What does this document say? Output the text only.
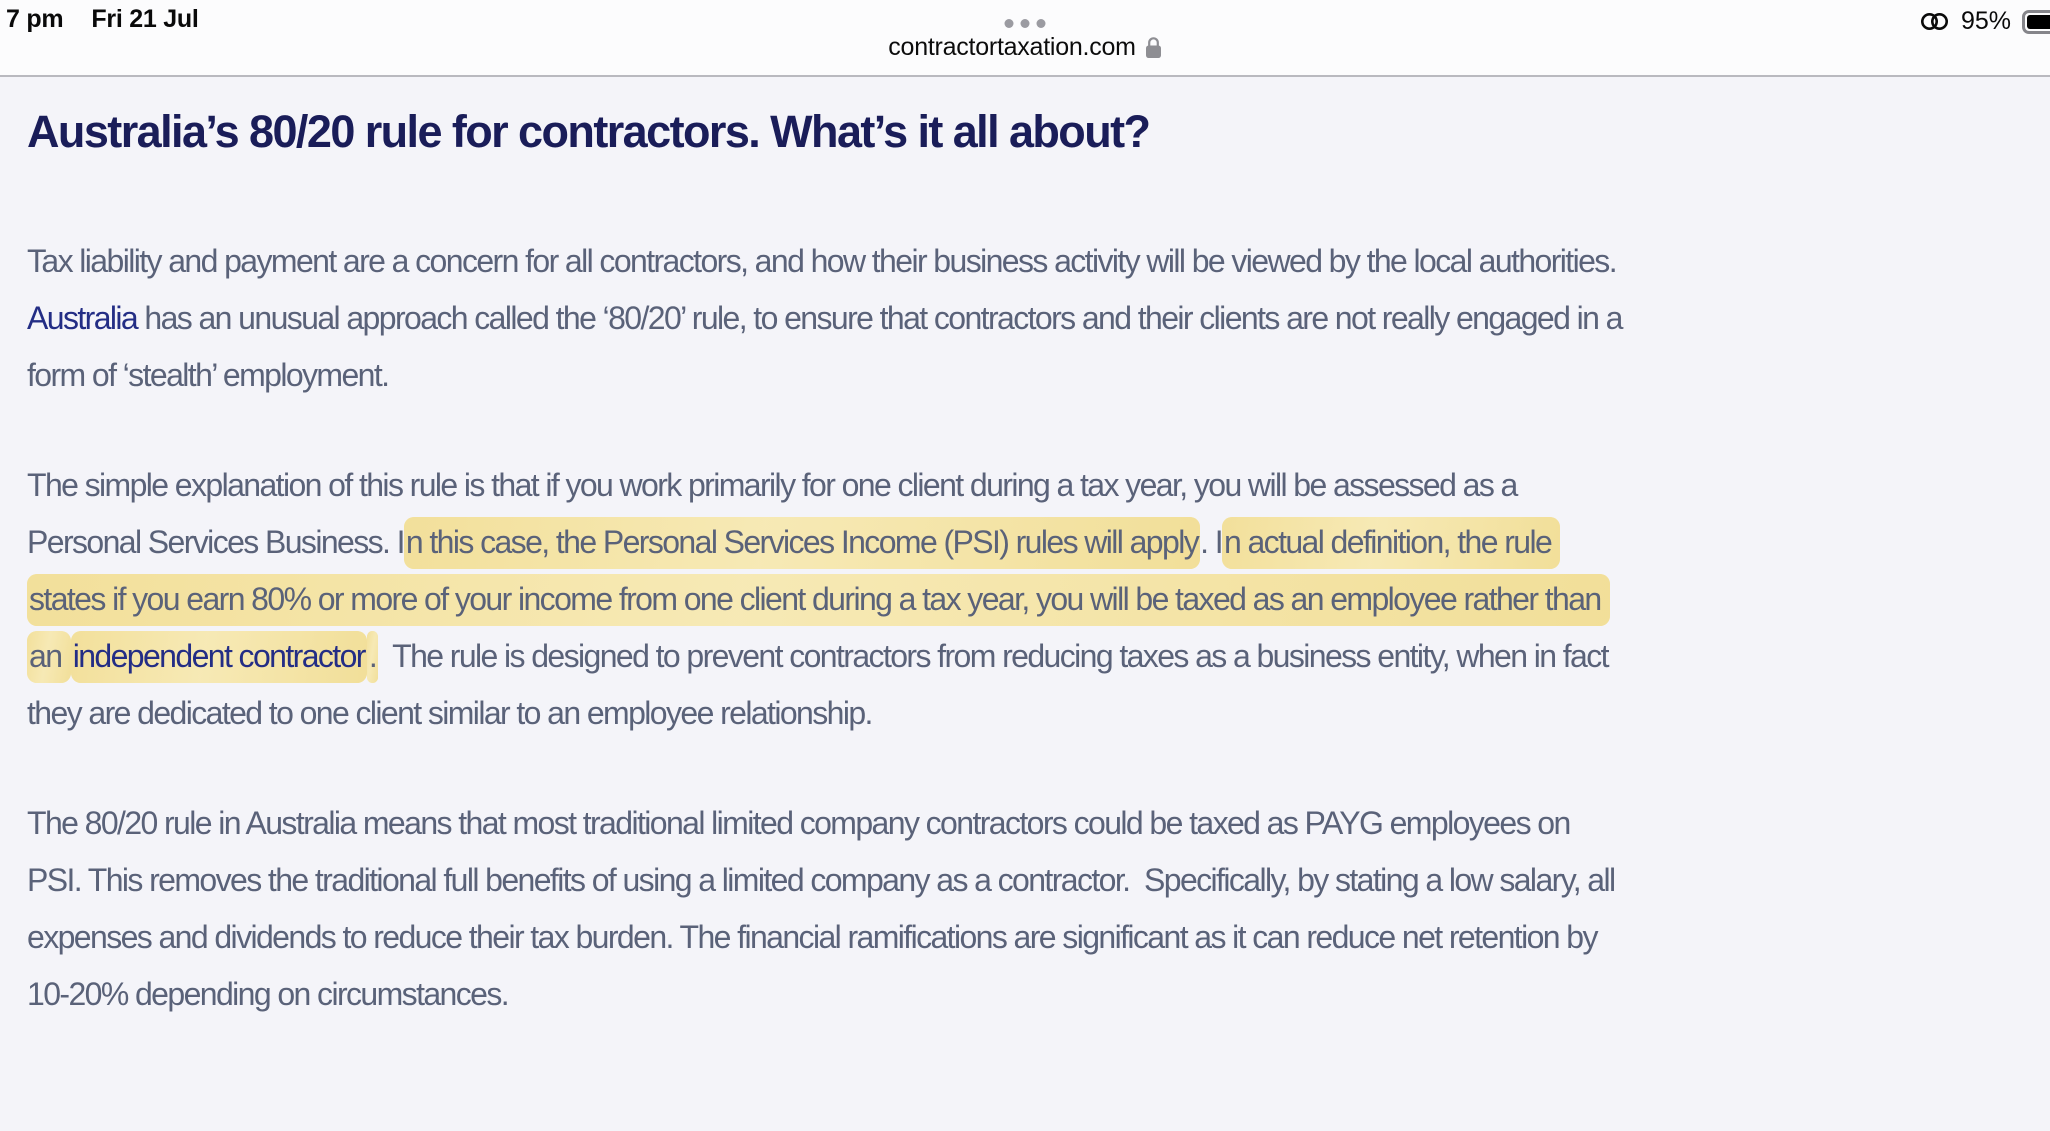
7 pm Fri 21 Jul
contractortaxation.com
95%
Australia’s 80/20 rule for contractors. What’s it all about?

Tax liability and payment are a concern for all contractors, and how their business activity will be viewed by the local authorities.  Australia has an unusual approach called the ‘80/20’ rule, to ensure that contractors and their clients are not really engaged in a form of ‘stealth’ employment.

The simple explanation of this rule is that if you work primarily for one client during a tax year, you will be assessed as a Personal Services Business. In this case, the Personal Services Income (PSI) rules will apply. In actual definition, the rule states if you earn 80% or more of your income from one client during a tax year, you will be taxed as an employee rather than an independent contractor .  The rule is designed to prevent contractors from reducing taxes as a business entity, when in fact they are dedicated to one client similar to an employee relationship.

The 80/20 rule in Australia means that most traditional limited company contractors could be taxed as PAYG employees on PSI. This removes the traditional full benefits of using a limited company as a contractor.  Specifically, by stating a low salary, all expenses and dividends to reduce their tax burden. The financial ramifications are significant as it can reduce net retention by 10-20% depending on circumstances.
